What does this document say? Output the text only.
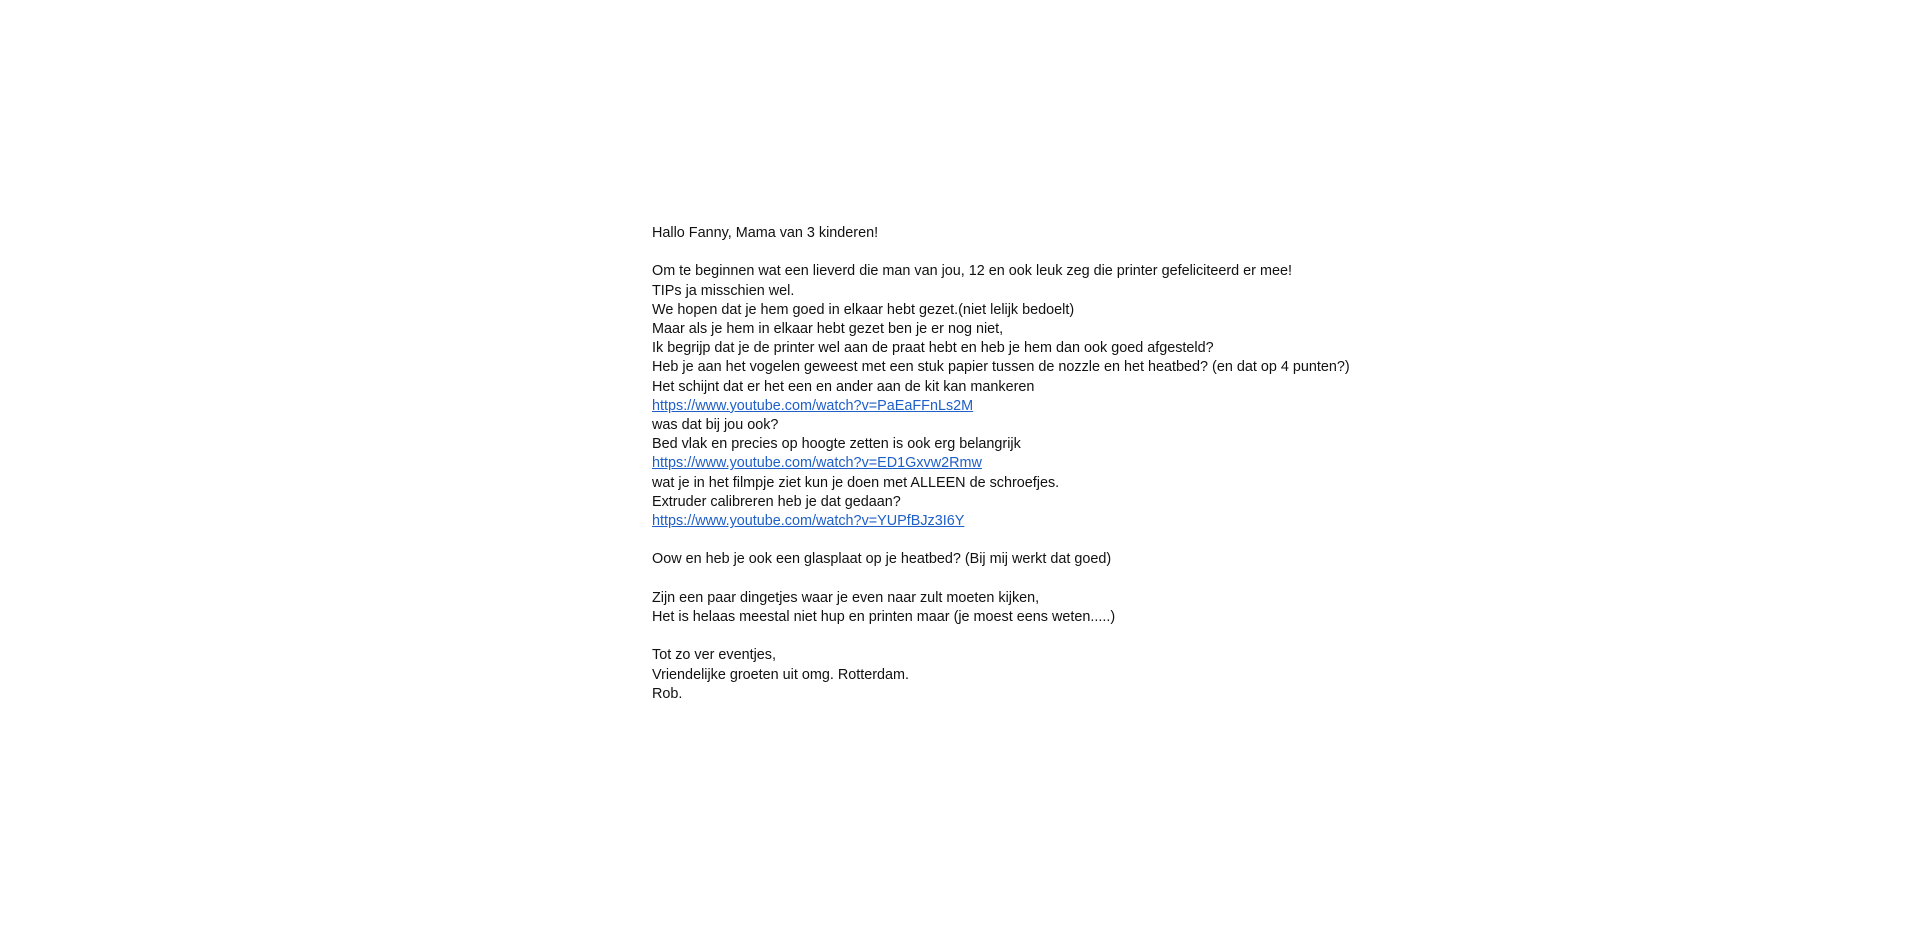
Hallo Fanny, Mama van 3 kinderen!
Om te beginnen wat een lieverd die man van jou, 12 en ook leuk zeg die printer gefeliciteerd er mee!
TIPs ja misschien wel.
We hopen dat je hem goed in elkaar hebt gezet.(niet lelijk bedoelt)
Maar als je hem in elkaar hebt gezet ben je er nog niet,
Ik begrijp dat je de printer wel aan de praat hebt en heb je hem dan ook goed afgesteld?
Heb je aan het vogelen geweest met een stuk papier tussen de nozzle en het heatbed? (en dat op 4 punten?)
Het schijnt dat er het een en ander aan de kit kan mankeren
https://www.youtube.com/watch?v=PaEaFFnLs2M
was dat bij jou ook?
Bed vlak en precies op hoogte zetten is ook erg belangrijk
https://www.youtube.com/watch?v=ED1Gxvw2Rmw
wat je in het filmpje ziet kun je doen met ALLEEN de schroefjes.
Extruder calibreren heb je dat gedaan?
https://www.youtube.com/watch?v=YUPfBJz3I6Y
Oow en heb je ook een glasplaat op je heatbed? (Bij mij werkt dat goed)
Zijn een paar dingetjes waar je even naar zult moeten kijken,
Het is helaas meestal niet hup en printen maar (je moest eens weten.....)
Tot zo ver eventjes,
Vriendelijke groeten uit omg. Rotterdam.
Rob.
